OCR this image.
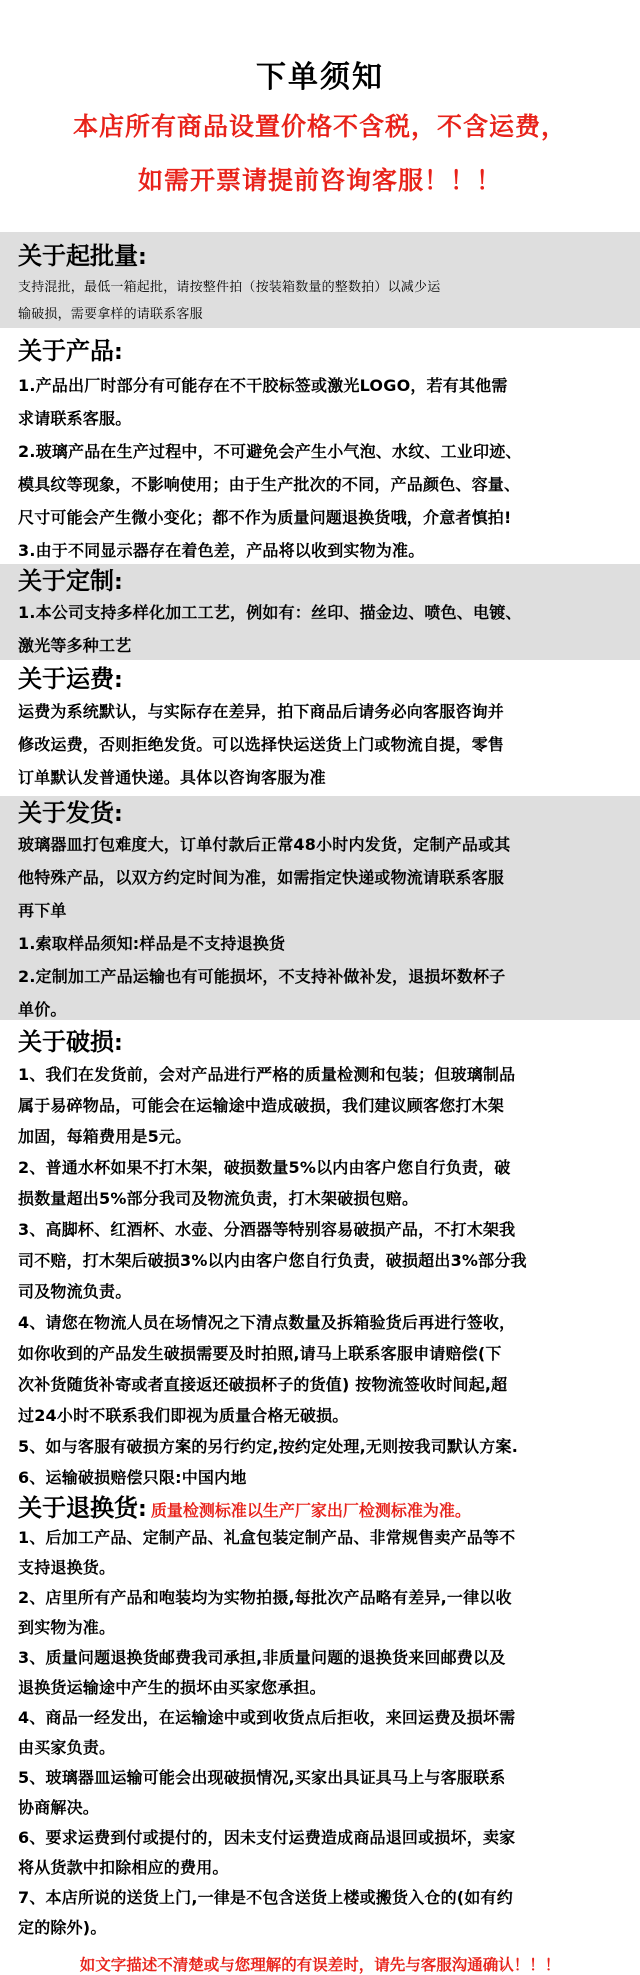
下单须知
本店所有商品设置价格不含税，不含运费，
如需开票请提前咨询客服！！！
关于起批量:
支持混批，最低一箱起批，请按整件拍（按装箱数量的整数拍）以减少运
输破损，需要拿样的请联系客服
关于产品:
1.产品出厂时部分有可能存在不干胶标签或激光LOGO，若有其他需
求请联系客服。
2.玻璃产品在生产过程中，不可避免会产生小气泡、水纹、工业印迹、
模具纹等现象，不影响使用；由于生产批次的不同，产品颜色、容量、
尺寸可能会产生微小变化；都不作为质量问题退换货哦，介意者慎拍!
3.由于不同显示器存在着色差，产品将以收到实物为准。
关于定制:
1.本公司支持多样化加工工艺，例如有：丝印、描金边、喷色、电镀、
激光等多种工艺
关于运费:
运费为系统默认，与实际存在差异，拍下商品后请务必向客服咨询并
修改运费，否则拒绝发货。可以选择快运送货上门或物流自提，零售
订单默认发普通快递。具体以咨询客服为准
关于发货:
玻璃器皿打包难度大，订单付款后正常48小时内发货，定制产品或其
他特殊产品，以双方约定时间为准，如需指定快递或物流请联系客服
再下单
1.索取样品须知:样品是不支持退换货
2.定制加工产品运输也有可能损坏，不支持补做补发，退损坏数杯子
单价。
关于破损:
1、我们在发货前，会对产品进行严格的质量检测和包装；但玻璃制品
属于易碎物品，可能会在运输途中造成破损，我们建议顾客您打木架
加固，每箱费用是5元。
2、普通水杯如果不打木架，破损数量5%以内由客户您自行负责，破
损数量超出5%部分我司及物流负责，打木架破损包赔。
3、高脚杯、红酒杯、水壶、分酒器等特别容易破损产品，不打木架我
司不赔，打木架后破损3%以内由客户您自行负责，破损超出3%部分我
司及物流负责。
4、请您在物流人员在场情况之下清点数量及拆箱验货后再进行签收，
如你收到的产品发生破损需要及时拍照,请马上联系客服申请赔偿(下
次补货随货补寄或者直接返还破损杯子的货值) 按物流签收时间起,超
过24小时不联系我们即视为质量合格无破损。
5、如与客服有破损方案的另行约定,按约定处理,无则按我司默认方案.
6、运输破损赔偿只限:中国内地
关于退换货: 质量检测标准以生产厂家出厂检测标准为准。
1、后加工产品、定制产品、礼盒包装定制产品、非常规售卖产品等不
支持退换货。
2、店里所有产品和咆装均为实物拍摄,每批次产品略有差异,一律以收
到实物为准。
3、质量问题退换货邮费我司承担,非质量问题的退换货来回邮费以及
退换货运输途中产生的损坏由买家您承担。
4、商品一经发出，在运输途中或到收货点后拒收，来回运费及损坏需
由买家负责。
5、玻璃器皿运输可能会出现破损情况,买家出具证具马上与客服联系
协商解决。
6、要求运费到付或提付的，因未支付运费造成商品退回或损坏，卖家
将从货款中扣除相应的费用。
7、本店所说的送货上门,一律是不包含送货上楼或搬货入仓的(如有约
定的除外)。
如文字描述不清楚或与您理解的有误差时，请先与客服沟通确认！！！
